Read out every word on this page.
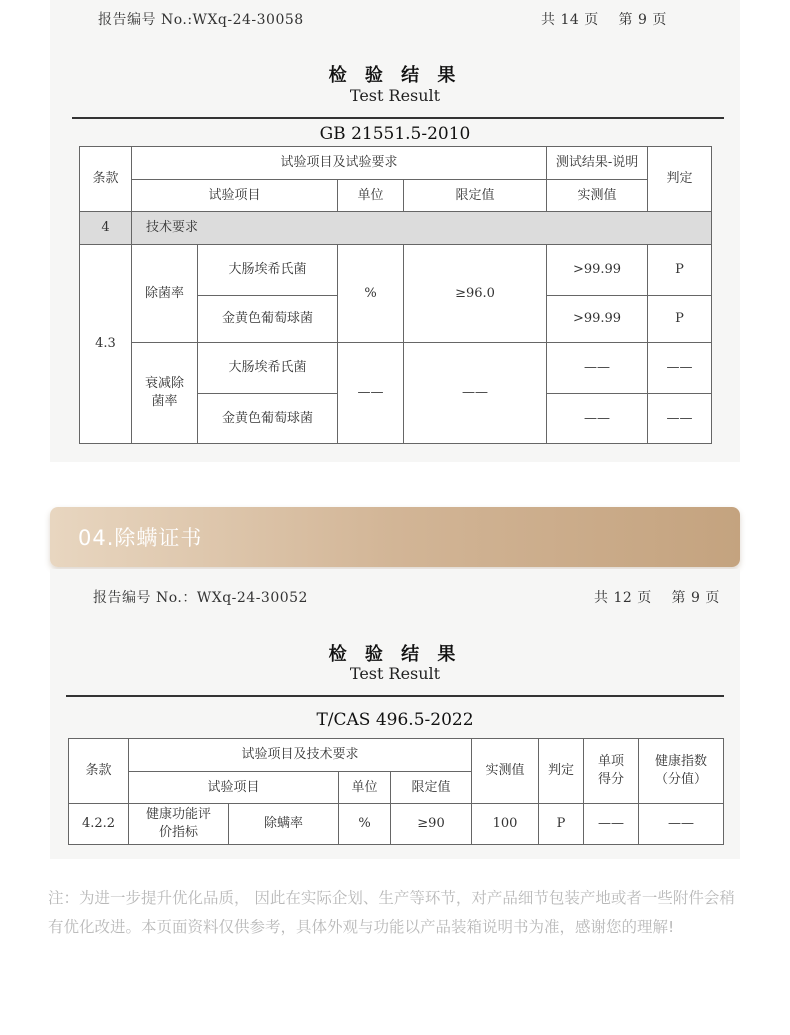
报告编号 No.:WXq-24-30058	共 14 页    第 9 页
检 验 结 果
Test Result
GB 21551.5-2010
条款	试验项目及试验要求				测试结果-说明	判定
	试验项目		单位	限定值	实测值	
4	技术要求					
4.3	除菌率	大肠埃希氏菌	%	≥96.0	>99.99	P
		金黄色葡萄球菌			>99.99	P
	衰减除菌率	大肠埃希氏菌	——	——	——	——
		金黄色葡萄球菌			——	——
04.除螨证书
报告编号 No.：WXq-24-30052	共 12 页    第 9 页
检 验 结 果
Test Result
T/CAS 496.5-2022
条款	试验项目及技术要求				实测值	判定	单项得分	健康指数（分值）
	试验项目		单位	限定值				
4.2.2	健康功能评价指标	除螨率	%	≥90	100	P	——	——
注：为进一步提升优化品质， 因此在实际企划、生产等环节，对产品细节包装产地或者一些附件会稍有优化改进。本页面资料仅供参考，具体外观与功能以产品装箱说明书为准，感谢您的理解!
